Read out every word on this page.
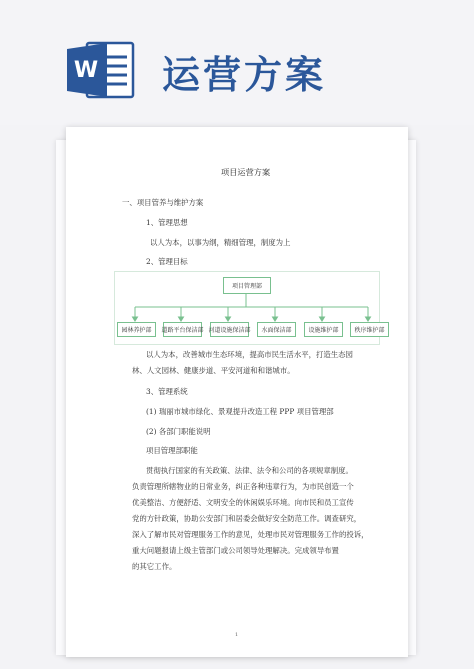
W 运营方案
项目运营方案
一、项目管养与维护方案
1、管理思想
以人为本，以事为纲，精细管理，制度为上
2、管理目标
项目管理部
园林养护部	道路平台保洁部 河道设施保洁部	水面保洁部	设施维护部	秩序维护部
以人为本，改善城市生态环境，提高市民生活水平，打造生态园
林、人文园林、健康步道、平安河道和和谐城市。
3、管理系统
(1) 瑞丽市城市绿化、景观提升改造工程 PPP 项目管理部
(2) 各部门职能说明
项目管理部职能
贯彻执行国家的有关政策、法律、法令和公司的各项规章制度。
负责管理所辖物业的日常业务，纠正各种违章行为，为市民创造一个
优美整洁、方便舒适、文明安全的休闲娱乐环境。向市民和员工宣传
党的方针政策，协助公安部门和居委会做好安全防范工作。调查研究，
深入了解市民对管理服务工作的意见，处理市民对管理服务工作的投诉，
重大问题报请上级主管部门或公司领导处理解决。完成领导布置
的其它工作。
1
